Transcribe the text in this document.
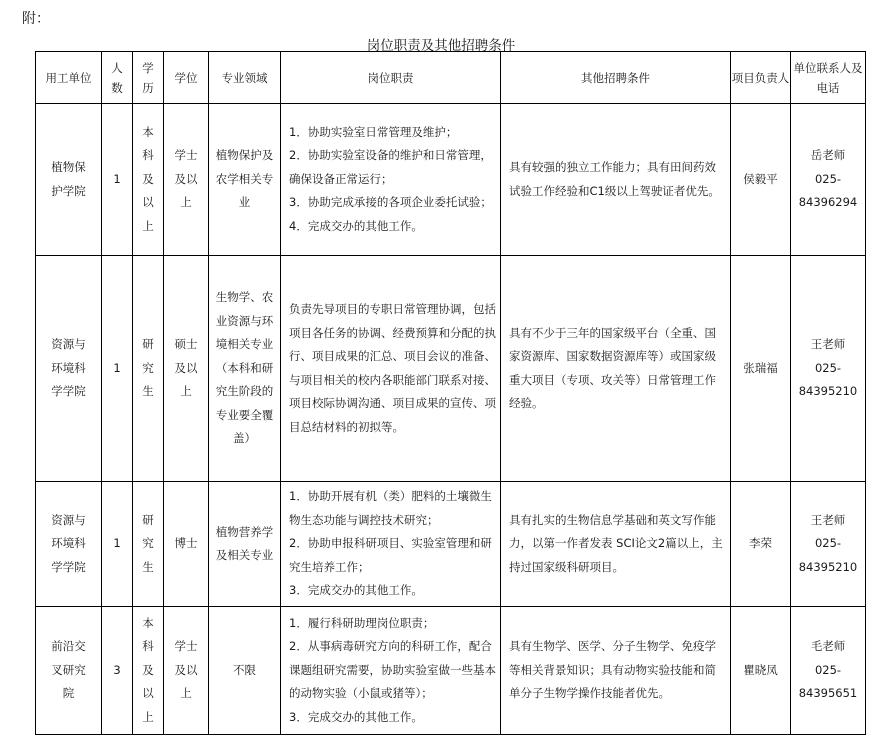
附：
岗位职责及其他招聘条件
用工单位	人数	学历	学位	专业领域	岗位职责	其他招聘条件	项目负责人	单位联系人及电话
植物保护学院	1	本科及以上	学士及以上	植物保护及农学相关专业	1．协助实验室日常管理及维护；
2．协助实验室设备的维护和日常管理，确保设备正常运行；
3．协助完成承接的各项企业委托试验；
4．完成交办的其他工作。	具有较强的独立工作能力；具有田间药效试验工作经验和C1级以上驾驶证者优先。	侯毅平	岳老师
025-84396294
资源与环境科学学院	1	研究生	硕士及以上	生物学、农业资源与环境相关专业（本科和研究生阶段的专业要全覆盖）	负责先导项目的专职日常管理协调，包括项目各任务的协调、经费预算和分配的执行、项目成果的汇总、项目会议的准备、与项目相关的校内各职能部门联系对接、项目校际协调沟通、项目成果的宣传、项目总结材料的初拟等。	具有不少于三年的国家级平台（全重、国家资源库、国家数据资源库等）或国家级重大项目（专项、攻关等）日常管理工作经验。	张瑞福	王老师
025-84395210
资源与环境科学学院	1	研究生	博士	植物营养学及相关专业	1．协助开展有机（类）肥料的土壤微生物生态功能与调控技术研究；
2．协助申报科研项目、实验室管理和研究生培养工作；
3．完成交办的其他工作。	具有扎实的生物信息学基础和英文写作能力，以第一作者发表 SCI论文2篇以上，主持过国家级科研项目。	李荣	王老师
025-84395210
前沿交叉研究院	3	本科及以上	学士及以上	不限	1．履行科研助理岗位职责；
2．从事病毒研究方向的科研工作，配合课题组研究需要，协助实验室做一些基本的动物实验（小鼠或猪等）；
3．完成交办的其他工作。	具有生物学、医学、分子生物学、免疫学等相关背景知识；具有动物实验技能和简单分子生物学操作技能者优先。	瞿晓凤	毛老师
025-84395651
